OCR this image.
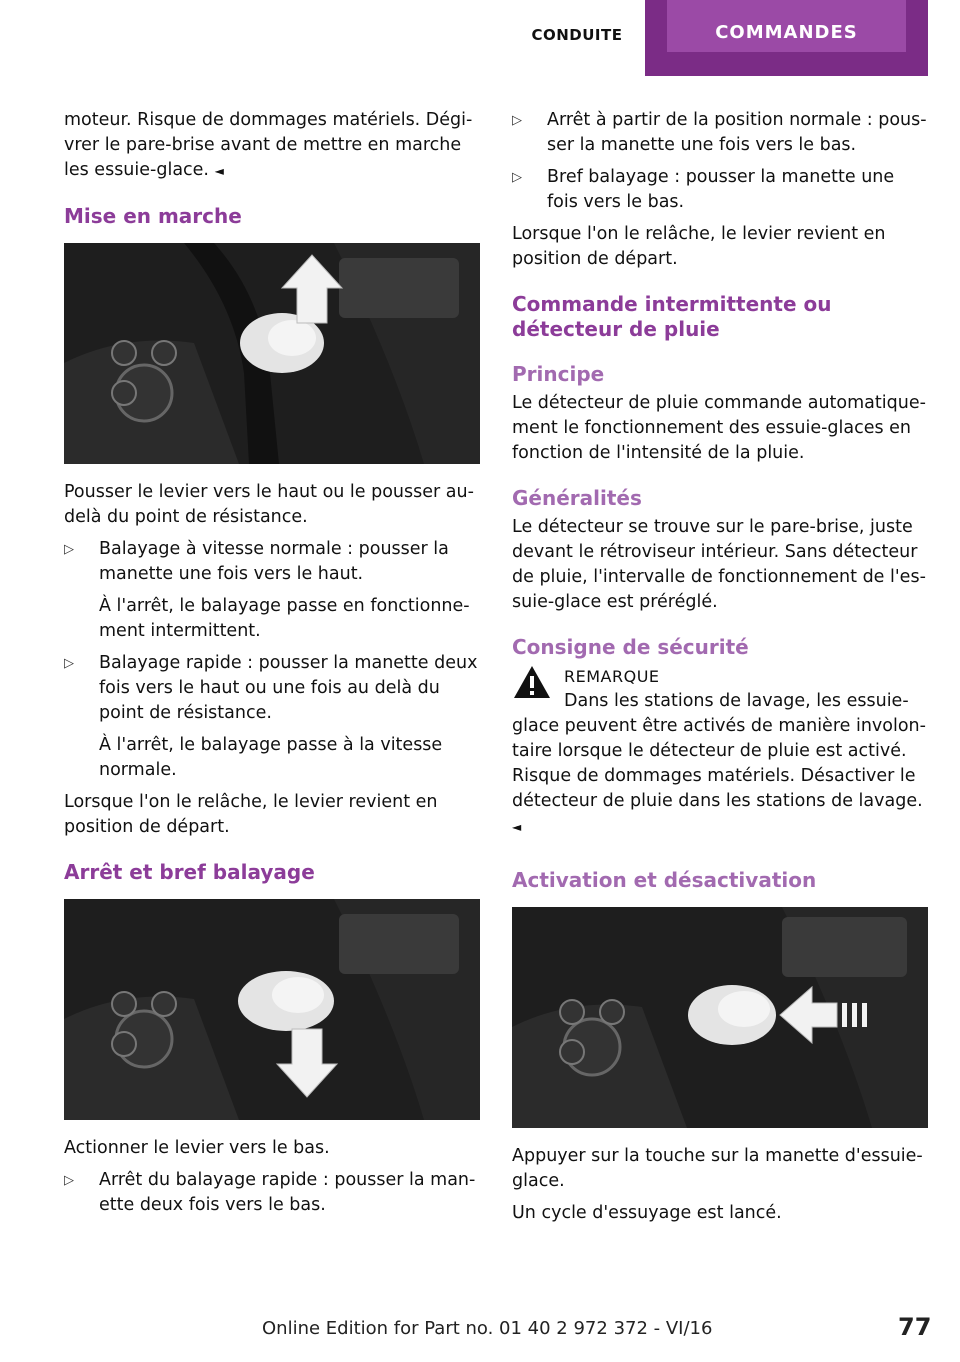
CONDUITE	COMMANDES

moteur. Risque de dommages matériels. Dégivrer le pare-brise avant de mettre en marche les essuie-glace. ◄

Mise en marche

Pousser le levier vers le haut ou le pousser au-delà du point de résistance.

▷ Balayage à vitesse normale : pousser la manette une fois vers le haut.
À l'arrêt, le balayage passe en fonctionnement intermittent.
▷ Balayage rapide : pousser la manette deux fois vers le haut ou une fois au delà du point de résistance.
À l'arrêt, le balayage passe à la vitesse normale.

Lorsque l'on le relâche, le levier revient en position de départ.

Arrêt et bref balayage

Actionner le levier vers le bas.

▷ Arrêt du balayage rapide : pousser la manette deux fois vers le bas.
▷ Arrêt à partir de la position normale : pousser la manette une fois vers le bas.
▷ Bref balayage : pousser la manette une fois vers le bas.

Lorsque l'on le relâche, le levier revient en position de départ.

Commande intermittente ou détecteur de pluie
Principe

Le détecteur de pluie commande automatiquement le fonctionnement des essuie-glaces en fonction de l'intensité de la pluie.

Généralités

Le détecteur se trouve sur le pare-brise, juste devant le rétroviseur intérieur. Sans détecteur de pluie, l'intervalle de fonctionnement de l'essuie-glace est préréglé.

Consigne de sécurité
REMARQUE
Dans les stations de lavage, les essuie-

glace peuvent être activés de manière involontaire lorsque le détecteur de pluie est activé. Risque de dommages matériels. Désactiver le détecteur de pluie dans les stations de lavage. ◄

Activation et désactivation

Appuyer sur la touche sur la manette d'essuie-glace.

Un cycle d'essuyage est lancé.

Online Edition for Part no. 01 40 2 972 372 - VI/16	77
